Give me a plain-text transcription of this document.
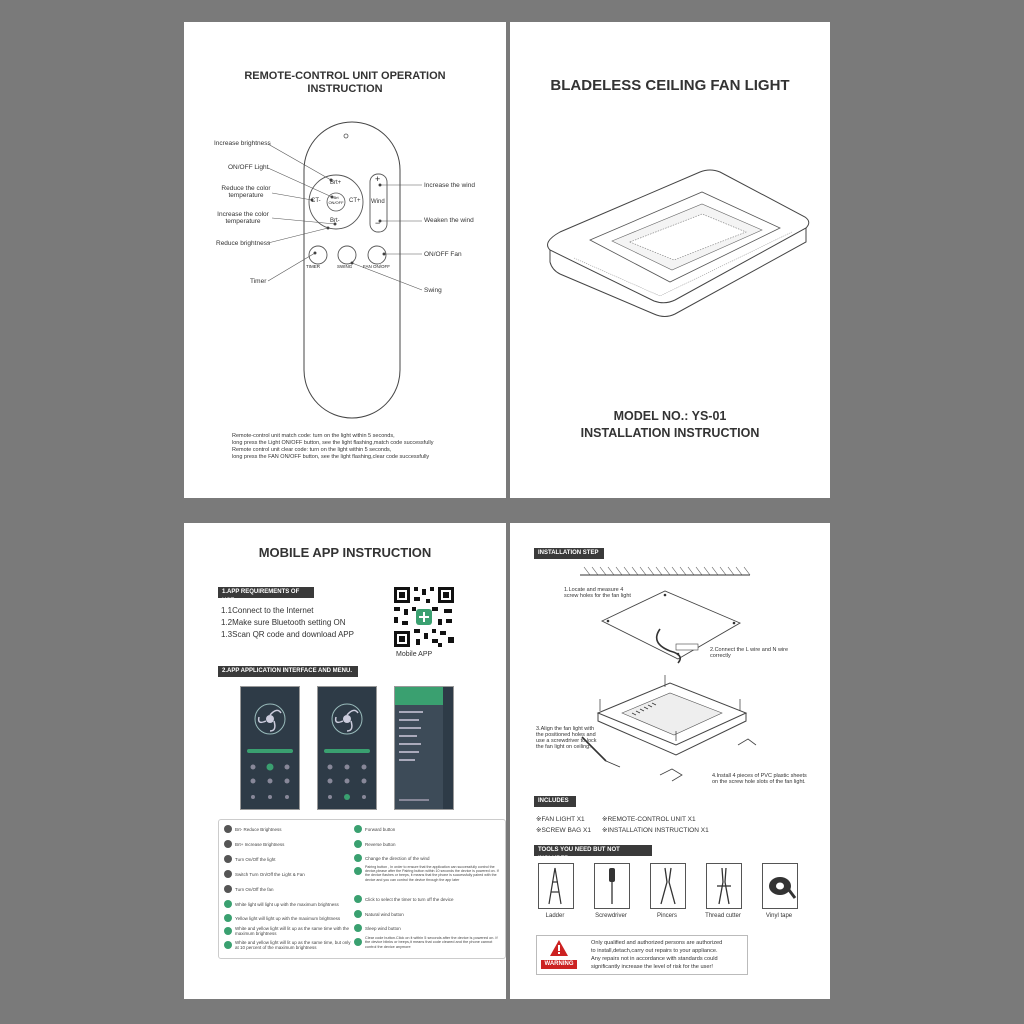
REMOTE-CONTROL UNIT OPERATION
INSTRUCTION
Brt+
Brt-
CT-	CT+
Brt
ON/OFF
+
Wind
−
TIMER	SWING FAN ON/OFF
Increase brightness
ON/OFF Light
Reduce the color
temperature
Increase the color
temperature
Reduce brightness
Timer
Increase the wind
Weaken the wind
ON/OFF Fan
Swing
Remote-control unit match code: turn on the light within 5 seconds,
long press the Light ON/OFF button, see the light flashing,match code successfully
Remote control unit clear code: turn on the light within 5 seconds,
long press the FAN ON/OFF button, see the light flashing,clear code successfully
BLADELESS CEILING FAN LIGHT
MODEL NO.: YS-01
INSTALLATION INSTRUCTION
MOBILE APP INSTRUCTION
1.APP REQUIREMENTS OF USE
1.1Connect to the Internet
1.2Make sure Bluetooth setting ON
1.3Scan QR code and download APP
Mobile APP
2.APP APPLICATION INTERFACE AND MENU.
Brt- Reduce Brightness
Brt+ Increase Brightness
Turn On/Off the light
Switch Turn On/Off the Light & Fan
Turn On/Off the fan
White light will light up with the maximum brightness
Yellow light will light up with the maximum brightness
White and yellow light will lit up as the same time with the maximum brightness
White and yellow light will lit up as the same time, but only at 10 percent of the maximum brightness
Forward button
Reverse button
Change the direction of the wind
Pairing button , In order to ensure that the application can successfully control the device,please after the Pairing button within 10 seconds the device is powered on. If the device flashes or beeps, it means that the phone is successfully paired with the device and you can control the device through the app later
Click to select the timer to turn off the device
Natural wind button
Sleep wind button
Clear code button.Click on it within 5 seconds after the device is powered on. If the device blinks or beeps,it means that code cleared and the phone cannot control the device anymore
INSTALLATION STEP
1.Locate and measure 4 screw holes for the fan light
2.Connect the L wire and N wire correctly
3.Align the fan light with the positioned holes and use a screwdriver to lock the fan light on ceiling.
4.Install 4 pieces of PVC plastic sheets on the screw hole slots of the fan light.
INCLUDES
※FAN LIGHT X1	※REMOTE-CONTROL UNIT X1
※SCREW BAG X1 ※INSTALLATION INSTRUCTION X1
TOOLS YOU NEED BUT NOT INCLUDED
Ladder	Screwdriver	Pincers	Thread cutter	Vinyl tape
WARNING
Only qualified and authorized persons are authorized
to install,detach,carry out repairs to your appliance.
Any repairs not in accordance with standards could
significantly increase the level of risk for the user!
